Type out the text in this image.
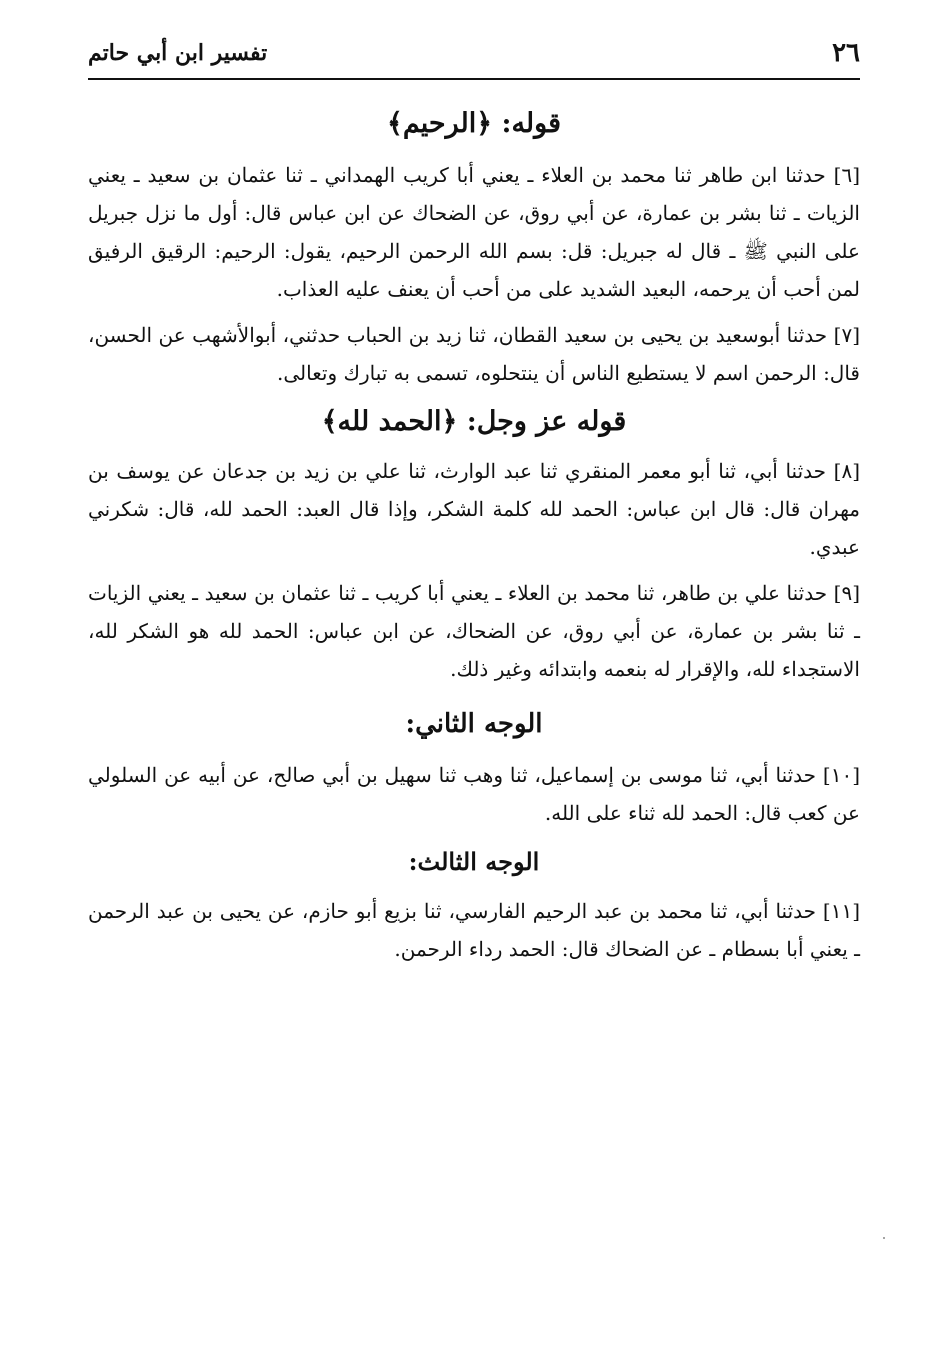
٢٦
تفسير ابن أبي حاتم
قوله: ﴿الرحيم﴾

[٦] حدثنا ابن طاهر ثنا محمد بن العلاء ـ يعني أبا كريب الهمداني ـ ثنا عثمان بن سعيد ـ يعني الزيات ـ ثنا بشر بن عمارة، عن أبي روق، عن الضحاك عن ابن عباس قال: أول ما نزل جبريل على النبي ﷺ ـ قال له جبريل: قل: بسم الله الرحمن الرحيم، يقول: الرحيم: الرقيق الرفيق لمن أحب أن يرحمه، البعيد الشديد على من أحب أن يعنف عليه العذاب.

[٧] حدثنا أبوسعيد بن يحيى بن سعيد القطان، ثنا زيد بن الحباب حدثني، أبوالأشهب عن الحسن، قال: الرحمن اسم لا يستطيع الناس أن ينتحلوه، تسمى به تبارك وتعالى.

قوله عز وجل: ﴿الحمد لله﴾

[٨] حدثنا أبي، ثنا أبو معمر المنقري ثنا عبد الوارث، ثنا علي بن زيد بن جدعان عن يوسف بن مهران قال: قال ابن عباس: الحمد لله كلمة الشكر، وإذا قال العبد: الحمد لله، قال: شكرني عبدي.

[٩] حدثنا علي بن طاهر، ثنا محمد بن العلاء ـ يعني أبا كريب ـ ثنا عثمان بن سعيد ـ يعني الزيات ـ ثنا بشر بن عمارة، عن أبي روق، عن الضحاك، عن ابن عباس: الحمد لله هو الشكر لله، الاستجداء لله، والإقرار له بنعمه وابتدائه وغير ذلك.

الوجه الثاني:

[١٠] حدثنا أبي، ثنا موسى بن إسماعيل، ثنا وهب ثنا سهيل بن أبي صالح، عن أبيه عن السلولي عن كعب قال: الحمد لله ثناء على الله.

الوجه الثالث:

[١١] حدثنا أبي، ثنا محمد بن عبد الرحيم الفارسي، ثنا بزيع أبو حازم، عن يحيى بن عبد الرحمن ـ يعني أبا بسطام ـ عن الضحاك قال: الحمد رداء الرحمن.
